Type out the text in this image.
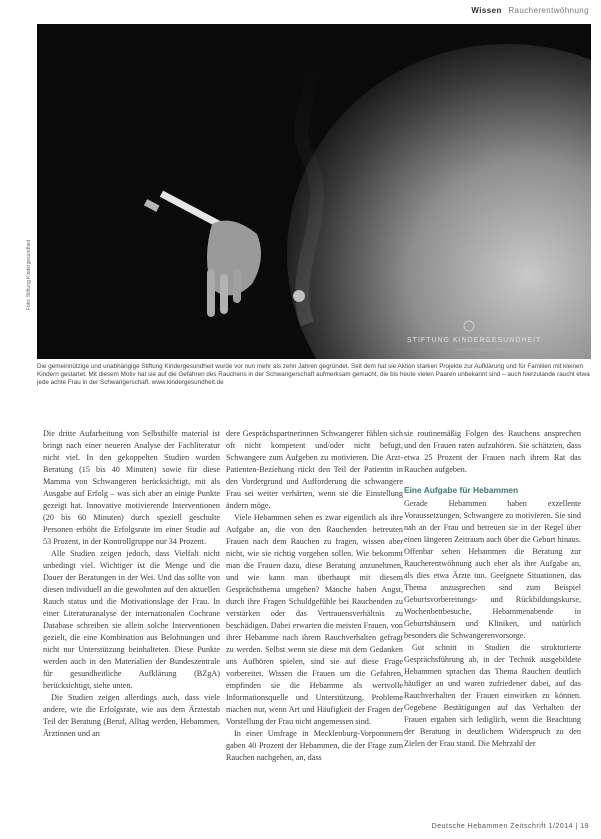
Wissen Raucherentwöhnung
STIFTUNG KINDERGESUNDHEIT
www.kindergesundheit.de
Foto: Stiftung Kindergesundheit
Die gemeinnützige und unabhängige Stiftung Kindergesundheit wurde vor nun mehr als zehn Jahren gegründet. Seit dem hat sie Aktion starken Projekte zur Aufklärung und für Familien mit kleinen Kindern gestartet. Mit diesem Motiv hat sie auf die Gefahren des Rauchens in der Schwangerschaft aufmerksam gemacht, die bis heute vielen Paaren unbekannt sind – auch hierzulande raucht etwa jede achte Frau in der Schwangerschaft. www.kindergesundheit.de

Die dritte Aufarbeitung von Selbsthilfe material ist bringt nach einer neueren Analyse der Fachliteratur nicht viel. In den gekoppelten Studien wurden Beratung (15 bis 40 Minuten) sowie für diese Mamma von Schwangeren berücksichtigt, mit als Ausgabe auf Erfolg – was sich aber an einige Punkte gezeigt hat. Innovative motivierende Interventionen (20 bis 60 Minuten) durch speziell geschulte Personen erhöht die Erfolgsrate im einer Studie auf 53 Prozent, in der Kontrollgruppe nur 34 Prozent.

Alle Studien zeigen jedoch, dass Vielfalt nicht unbedingt viel. Wichtiger ist die Menge und die Dauer der Beratungen in der Wei. Und das sollte von diesen individuell an die gewohnten auf den aktuellen Rauch status und die Motivationslage der Frau. In einer Literaturanalyse der internationalen Cochrane Database schreiben sie allein solche Interventionen gezielt, die eine Kombination aus Belohnungen und nicht nur Unterstützung beinhalteten. Diese Punkte werden auch in den Materialien der Bundeszentrale für gesundheitliche Aufklärung (BZgA) berücksichtigt, siehe unten.

Die Studien zeigen allerdings auch, dass viele andere, wie die Erfolgsrate, wie aus dem Ärztestab Teil der Beratung (Beruf, Alltag werden, Hebammen, Ärztinnen und an

dere Gesprächspartnerinnen Schwangerer fühlen sich oft nicht kompetent und/oder nicht befugt, Schwangere zum Aufgeben zu motivieren. Die Arzt-Patienten-Beziehung rückt den Teil der Patientin in den Vordergrund und Aufforderung die schwangere Frau sei weiter verhärten, wenn sie die Einstellung ändern möge.

Viele Hebammen sehen es zwar eigentlich als ihre Aufgabe an, die von den Rauchenden betreuten Frauen nach dem Rauchen zu fragen, wissen aber nicht, wie sie richtig vorgehen sollen. Wie bekommt man die Frauen dazu, diese Beratung anzunehmen, und wie kann man überhaupt mit diesem Gesprächsthema umgehen? Manche haben Angst, durch ihre Fragen Schuldgefühle bei Rauchenden zu verstärken oder das Vertrauensverhältnis zu beschädigen. Dabei erwarten die meisten Frauen, von ihrer Hebamme nach ihrem Rauchverhalten gefragt zu werden. Selbst wenn sie diese mit dem Gedanken ans Aufhören spielen, sind sie auf diese Frage vorbereitet. Wissen die Frauen um die Gefahren, empfinden sie die Hebamme als wertvolle Informationsquelle und Unterstützung. Probleme machen nur, wenn Art und Häufigkeit der Fragen der Vorstellung der Frau nicht angemessen sind.

In einer Umfrage in Mecklenburg-Vorpommern gaben 40 Prozent der Hebammen, die der Frage zum Rauchen nachgehen, an, dass

sie routinemäßig Folgen des Rauchens ansprechen und den Frauen raten aufzuhören. Sie schätzten, dass etwa 25 Prozent der Frauen nach ihrem Rat das Rauchen aufgeben.

Eine Aufgabe für Hebammen

Gerade Hebammen haben exzellente Voraussetzungen, Schwangere zu motivieren. Sie sind nah an der Frau und betreuen sie in der Regel über einen längeren Zeitraum auch über die Geburt hinaus. Offenbar sehen Hebammen die Beratung zur Raucherentwöhnung auch eher als ihre Aufgabe an, als dies etwa Ärzte tun. Geeignete Situationen, das Thema anzusprechen sind zum Beispiel Geburtsvorbereitungs- und Rückbildungskurse, Wochenbettbesuche, Hebammenabende in Geburtshäusern und Kliniken, und natürlich besonders die Schwangerenvorsorge.

Gut schnitt in Studien die strukturierte Gesprächsführung ab, in der Technik ausgebildete Hebammen sprachen das Thema Rauchen deutlich häufiger an und waren zufriedener dabei, auf das Rauchverhalten der Frauen einwirken zu können. Gegebene Bestätigungen auf das Verhalten der Frauen ergaben sich lediglich, wenn die Beachtung der Beratung in deutlichem Widerspruch zu den Zielen der Frau stand. Die Mehrzahl der

Deutsche Hebammen Zeitschrift 1/2014 | 19
